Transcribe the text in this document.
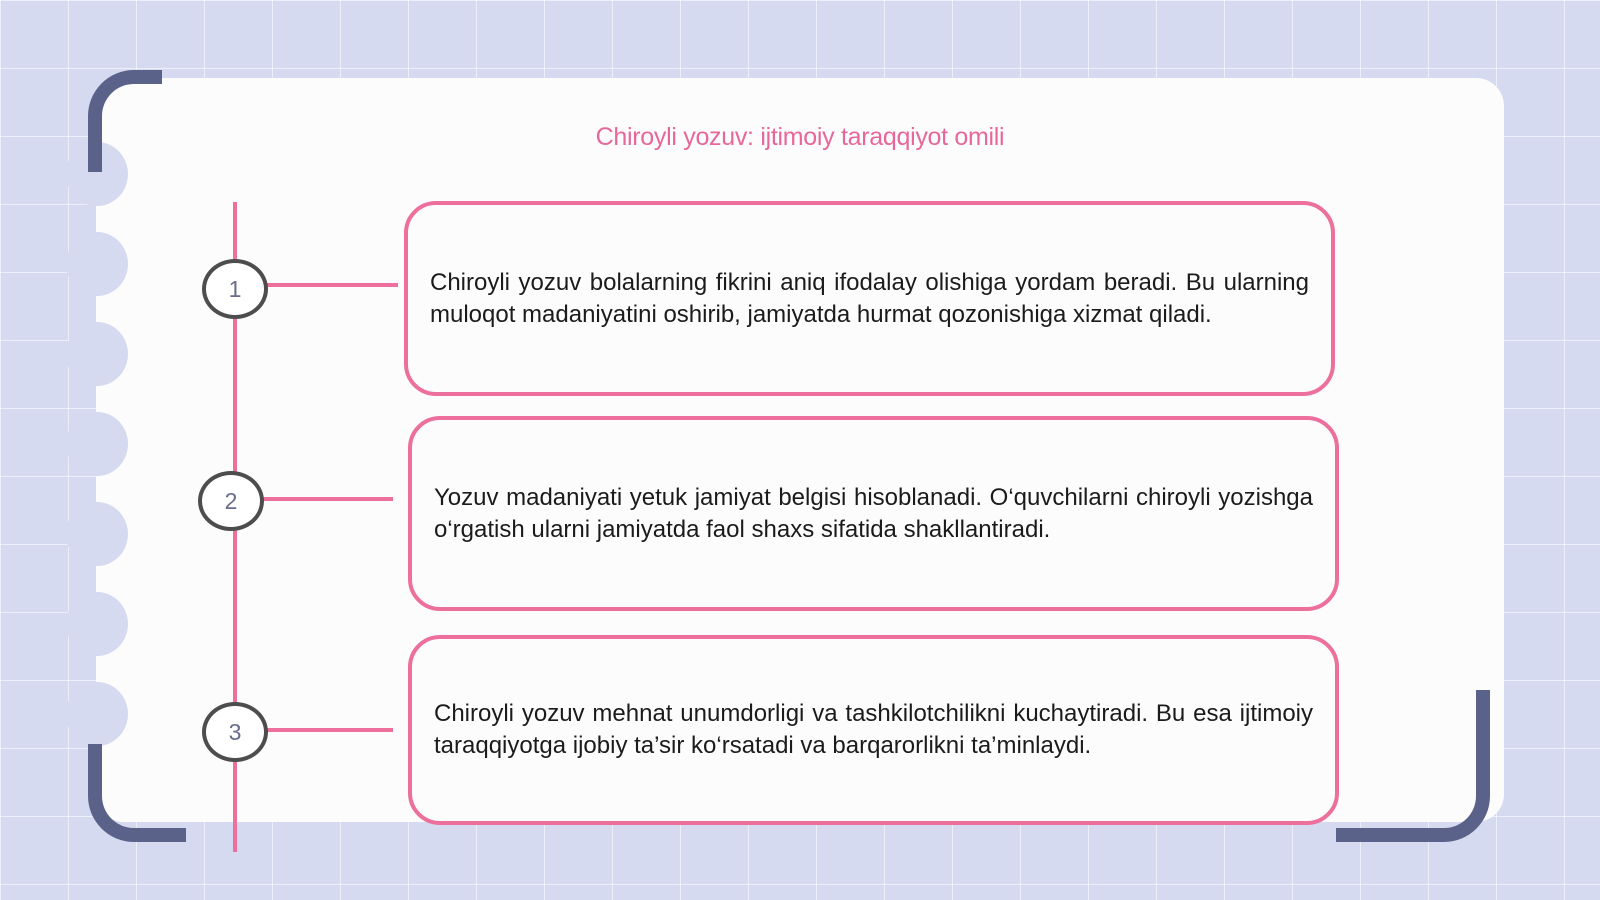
Chiroyli yozuv: ijtimoiy taraqqiyot omili
1
2
3

Chiroyli yozuv bolalarning fikrini aniq ifodalay olishiga yordam beradi. Bu ularning muloqot madaniyatini oshirib, jamiyatda hurmat qozonishiga xizmat qiladi.

Yozuv madaniyati yetuk jamiyat belgisi hisoblanadi. O‘quvchilarni chiroyli yozishga o‘rgatish ularni jamiyatda faol shaxs sifatida shakllantiradi.

Chiroyli yozuv mehnat unumdorligi va tashkilotchilikni kuchaytiradi. Bu esa ijtimoiy taraqqiyotga ijobiy ta’sir ko‘rsatadi va barqarorlikni ta’minlaydi.
